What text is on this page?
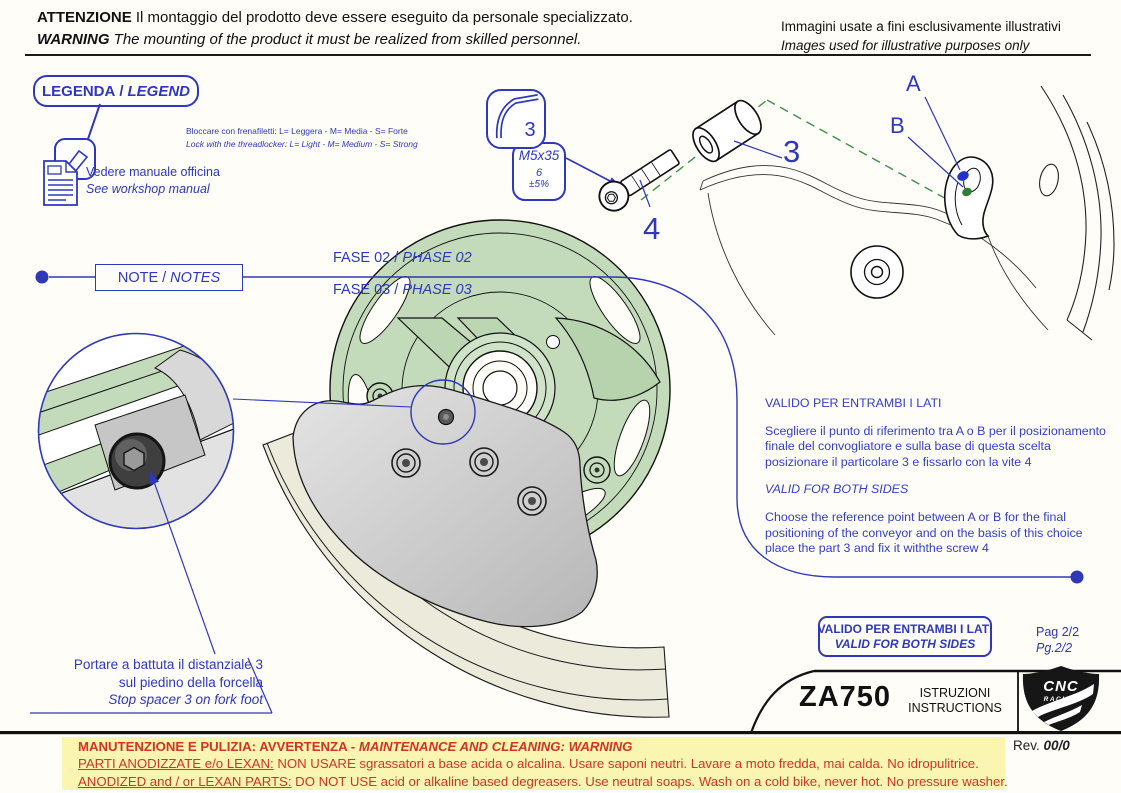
CNC
RACING
ATTENZIONE Il montaggio del prodotto deve essere eseguito da personale specializzato.
WARNING The mounting of the product it must be realized from skilled personnel.
Immagini usate a fini esclusivamente illustrativi
Images used for illustrative purposes only
LEGENDA / LEGEND
Bloccare con frenafiletti: L= Leggera - M= Media - S= Forte
Lock with the threadlocker: L= Light - M= Medium - S= Strong
Vedere manuale officina
See workshop manual
3
M5x35
6
±5%
3
4
A
B
NOTE / NOTES
FASE 02 / PHASE 02
FASE 03 / PHASE 03
VALIDO PER ENTRAMBI I LATI
Scegliere il punto di riferimento tra A o B per il posizionamento finale del convogliatore e sulla base di questa scelta posizionare il particolare 3 e fissarlo con la vite 4
VALID FOR BOTH SIDES
Choose the reference point between A or B for the final positioning of the conveyor and on the basis of this choice place the part 3 and fix it withthe screw 4
Portare a battuta il distanziale 3
sul piedino della forcella
Stop spacer 3 on fork foot
VALIDO PER ENTRAMBI I LATI
VALID FOR BOTH SIDES
Pag 2/2
Pg.2/2
ZA750	ISTRUZIONI
INSTRUCTIONS
Rev. 00/0
MANUTENZIONE E PULIZIA: AVVERTENZA - MAINTENANCE AND CLEANING: WARNING
PARTI ANODIZZATE e/o LEXAN: NON USARE sgrassatori a base acida o alcalina. Usare saponi neutri. Lavare a moto fredda, mai calda. No idropulitrice.
ANODIZED and / or LEXAN PARTS: DO NOT USE acid or alkaline based degreasers. Use neutral soaps. Wash on a cold bike, never hot. No pressure washer.
